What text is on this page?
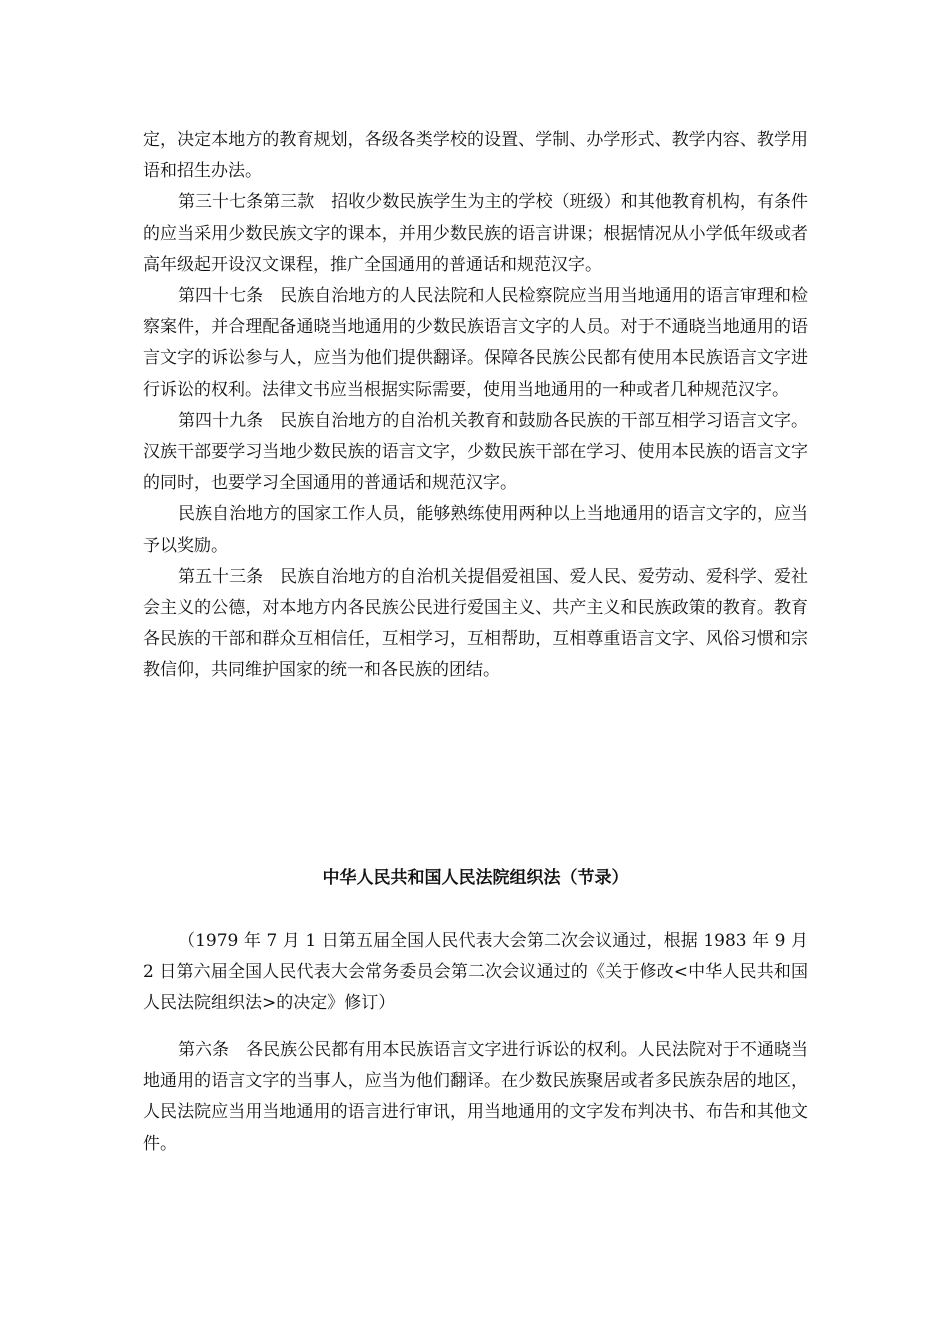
定，决定本地方的教育规划，各级各类学校的设置、学制、办学形式、教学内容、教学用语和招生办法。

第三十七条第三款　招收少数民族学生为主的学校（班级）和其他教育机构，有条件的应当采用少数民族文字的课本，并用少数民族的语言讲课；根据情况从小学低年级或者高年级起开设汉文课程，推广全国通用的普通话和规范汉字。

第四十七条　民族自治地方的人民法院和人民检察院应当用当地通用的语言审理和检察案件，并合理配备通晓当地通用的少数民族语言文字的人员。对于不通晓当地通用的语言文字的诉讼参与人，应当为他们提供翻译。保障各民族公民都有使用本民族语言文字进行诉讼的权利。法律文书应当根据实际需要，使用当地通用的一种或者几种规范汉字。

第四十九条　民族自治地方的自治机关教育和鼓励各民族的干部互相学习语言文字。汉族干部要学习当地少数民族的语言文字，少数民族干部在学习、使用本民族的语言文字的同时，也要学习全国通用的普通话和规范汉字。

民族自治地方的国家工作人员，能够熟练使用两种以上当地通用的语言文字的，应当予以奖励。

第五十三条　民族自治地方的自治机关提倡爱祖国、爱人民、爱劳动、爱科学、爱社会主义的公德，对本地方内各民族公民进行爱国主义、共产主义和民族政策的教育。教育各民族的干部和群众互相信任，互相学习，互相帮助，互相尊重语言文字、风俗习惯和宗教信仰，共同维护国家的统一和各民族的团结。

中华人民共和国人民法院组织法（节录）

（1979 年 7 月 1 日第五届全国人民代表大会第二次会议通过，根据 1983 年 9 月 2 日第六届全国人民代表大会常务委员会第二次会议通过的《关于修改<中华人民共和国人民法院组织法>的决定》修订）

第六条　各民族公民都有用本民族语言文字进行诉讼的权利。人民法院对于不通晓当地通用的语言文字的当事人，应当为他们翻译。在少数民族聚居或者多民族杂居的地区，人民法院应当用当地通用的语言进行审讯，用当地通用的文字发布判决书、布告和其他文件。
